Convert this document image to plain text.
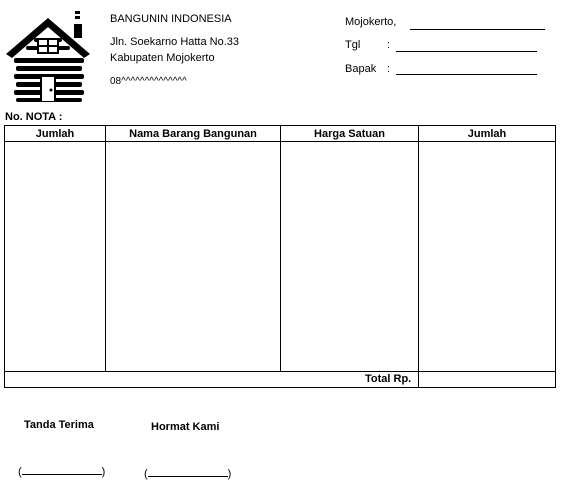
BANGUNIN INDONESIA
Jln. Soekarno Hatta No.33
Kabupaten Mojokerto
08^^^^^^^^^^^^^^
Mojokerto,
Tgl :
Bapak :
No. NOTA :
Jumlah	Nama Barang Bangunan	Harga Satuan	Jumlah
Total Rp.
Tanda Terima	Hormat Kami
(	)	(	)
